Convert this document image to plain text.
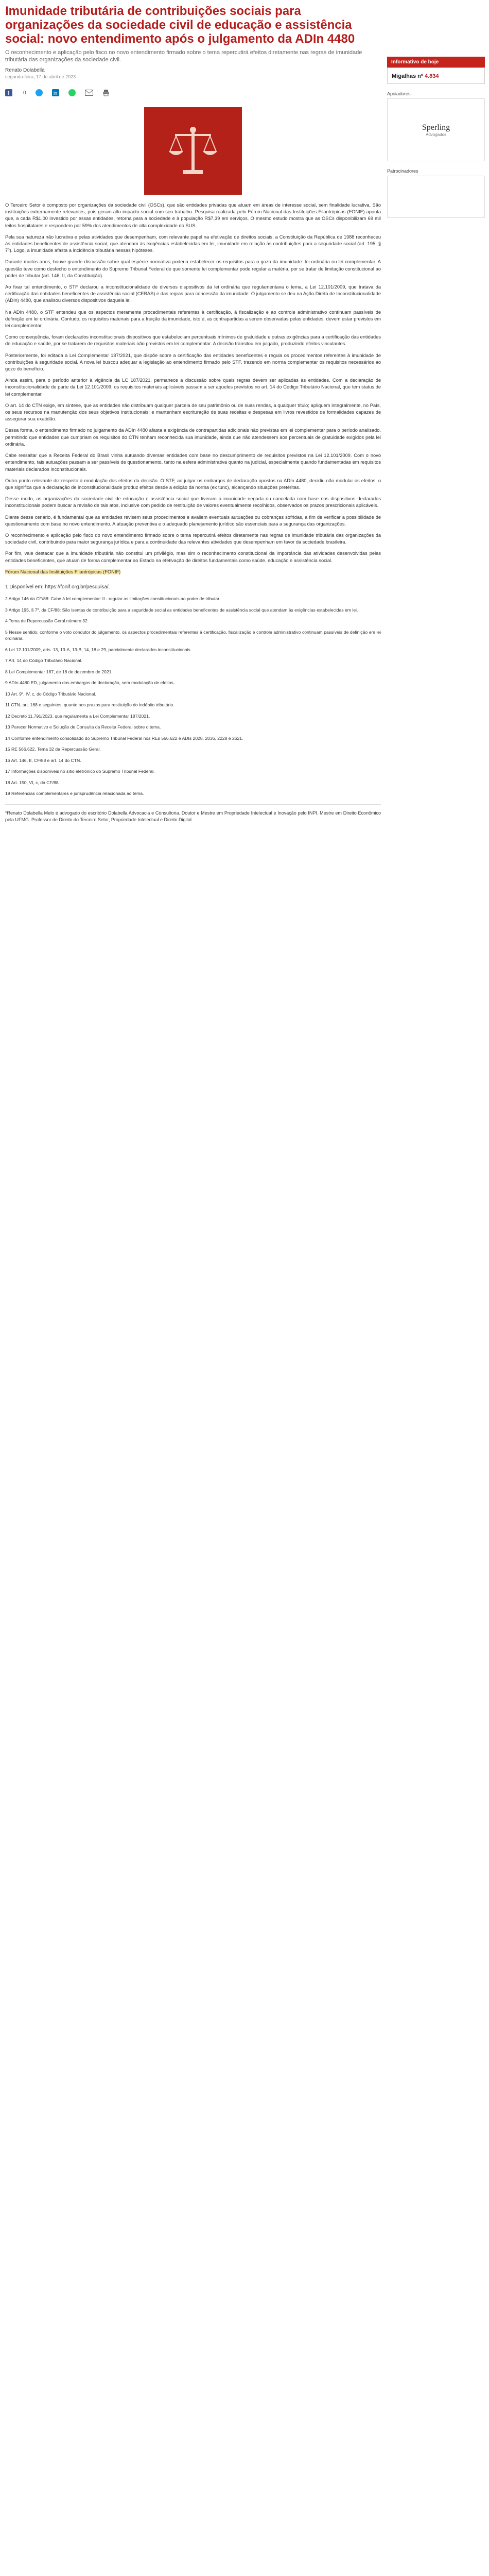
Imunidade tributária de contribuições sociais para organizações da sociedade civil de educação e assistência social: novo entendimento após o julgamento da ADIn 4480
O reconhecimento e aplicação pelo fisco no novo entendimento firmado sobre o tema repercutirá efeitos diretamente nas regras de imunidade tributária das organizações da sociedade civil.
Renato Dolabella
segunda-feira, 17 de abril de 2023
f	0	in

O Terceiro Setor é composto por organizações da sociedade civil (OSCs), que são entidades privadas que atuam em áreas de interesse social, sem finalidade lucrativa. São instituições extremamente relevantes, pois geram alto impacto social com seu trabalho. Pesquisa realizada pelo Fórum Nacional das Instituições Filantrópicas (FONIF) aponta que, a cada R$1,00 investido por essas entidades, retorna para a sociedade e à população R$7,39 em serviços. O mesmo estudo mostra que as OSCs disponibilizam 69 mil leitos hospitalares e respondem por 59% dos atendimentos de alta complexidade do SUS.

Pela sua natureza não lucrativa e pelas atividades que desempenham, com relevante papel na efetivação de direitos sociais, a Constituição da República de 1988 reconheceu às entidades beneficentes de assistência social, que atendam às exigências estabelecidas em lei, imunidade em relação às contribuições para a seguridade social (art. 195, § 7º). Logo, a imunidade afasta a incidência tributária nessas hipóteses.

Durante muitos anos, houve grande discussão sobre qual espécie normativa poderia estabelecer os requisitos para o gozo da imunidade: lei ordinária ou lei complementar. A questão teve como desfecho o entendimento do Supremo Tribunal Federal de que somente lei complementar pode regular a matéria, por se tratar de limitação constitucional ao poder de tributar (art. 146, II, da Constituição).

Ao fixar tal entendimento, o STF declarou a inconstitucionalidade de diversos dispositivos da lei ordinária que regulamentava o tema, a Lei 12.101/2009, que tratava da certificação das entidades beneficentes de assistência social (CEBAS) e das regras para concessão da imunidade. O julgamento se deu na Ação Direta de Inconstitucionalidade (ADIn) 4480, que analisou diversos dispositivos daquela lei.

Na ADIn 4480, o STF entendeu que os aspectos meramente procedimentais referentes à certificação, à fiscalização e ao controle administrativo continuam passíveis de definição em lei ordinária. Contudo, os requisitos materiais para a fruição da imunidade, isto é, as contrapartidas a serem observadas pelas entidades, devem estar previstos em lei complementar.

Como consequência, foram declarados inconstitucionais dispositivos que estabeleciam percentuais mínimos de gratuidade e outras exigências para a certificação das entidades de educação e saúde, por se tratarem de requisitos materiais não previstos em lei complementar. A decisão transitou em julgado, produzindo efeitos vinculantes.

Posteriormente, foi editada a Lei Complementar 187/2021, que dispõe sobre a certificação das entidades beneficentes e regula os procedimentos referentes à imunidade de contribuições à seguridade social. A nova lei buscou adequar a legislação ao entendimento firmado pelo STF, trazendo em norma complementar os requisitos necessários ao gozo do benefício.

Ainda assim, para o período anterior à vigência da LC 187/2021, permanece a discussão sobre quais regras devem ser aplicadas às entidades. Com a declaração de inconstitucionalidade de parte da Lei 12.101/2009, os requisitos materiais aplicáveis passam a ser aqueles previstos no art. 14 do Código Tributário Nacional, que tem status de lei complementar.

O art. 14 do CTN exige, em síntese, que as entidades não distribuam qualquer parcela de seu patrimônio ou de suas rendas, a qualquer título; apliquem integralmente, no País, os seus recursos na manutenção dos seus objetivos institucionais; e mantenham escrituração de suas receitas e despesas em livros revestidos de formalidades capazes de assegurar sua exatidão.

Dessa forma, o entendimento firmado no julgamento da ADIn 4480 afasta a exigência de contrapartidas adicionais não previstas em lei complementar para o período analisado, permitindo que entidades que cumpriam os requisitos do CTN tenham reconhecida sua imunidade, ainda que não atendessem aos percentuais de gratuidade exigidos pela lei ordinária.

Cabe ressaltar que a Receita Federal do Brasil vinha autuando diversas entidades com base no descumprimento de requisitos previstos na Lei 12.101/2009. Com o novo entendimento, tais autuações passam a ser passíveis de questionamento, tanto na esfera administrativa quanto na judicial, especialmente quando fundamentadas em requisitos materiais declarados inconstitucionais.

Outro ponto relevante diz respeito à modulação dos efeitos da decisão. O STF, ao julgar os embargos de declaração opostos na ADIn 4480, decidiu não modular os efeitos, o que significa que a declaração de inconstitucionalidade produz efeitos desde a edição da norma (ex tunc), alcançando situações pretéritas.

Desse modo, as organizações da sociedade civil de educação e assistência social que tiveram a imunidade negada ou cancelada com base nos dispositivos declarados inconstitucionais podem buscar a revisão de tais atos, inclusive com pedido de restituição de valores eventualmente recolhidos, observados os prazos prescricionais aplicáveis.

Diante desse cenário, é fundamental que as entidades revisem seus procedimentos e avaliem eventuais autuações ou cobranças sofridas, a fim de verificar a possibilidade de questionamento com base no novo entendimento. A atuação preventiva e o adequado planejamento jurídico são essenciais para a segurança das organizações.

O reconhecimento e aplicação pelo fisco do novo entendimento firmado sobre o tema repercutirá efeitos diretamente nas regras de imunidade tributária das organizações da sociedade civil, contribuindo para maior segurança jurídica e para a continuidade das relevantes atividades que desempenham em favor da sociedade brasileira.

Por fim, vale destacar que a imunidade tributária não constitui um privilégio, mas sim o reconhecimento constitucional da importância das atividades desenvolvidas pelas entidades beneficentes, que atuam de forma complementar ao Estado na efetivação de direitos fundamentais como saúde, educação e assistência social.

Fórum Nacional das Instituições Filantrópicas (FONIF)

1 Disponível em: https://fonif.org.br/pesquisa/.

2 Artigo 146 da CF/88: Cabe à lei complementar: II - regular as limitações constitucionais ao poder de tributar.

3 Artigo 195, § 7º, da CF/88: São isentas de contribuição para a seguridade social as entidades beneficentes de assistência social que atendam às exigências estabelecidas em lei.

4 Tema de Repercussão Geral número 32.

5 Nesse sentido, conforme o voto condutor do julgamento, os aspectos procedimentais referentes à certificação, fiscalização e controle administrativo continuam passíveis de definição em lei ordinária.

6 Lei 12.101/2009, arts. 13, 13-A, 13-B, 14, 18 e 29, parcialmente declarados inconstitucionais.

7 Art. 14 do Código Tributário Nacional.

8 Lei Complementar 187, de 16 de dezembro de 2021.

9 ADIn 4480 ED, julgamento dos embargos de declaração, sem modulação de efeitos.

10 Art. 9º, IV, c, do Código Tributário Nacional.

11 CTN, art. 168 e seguintes, quanto aos prazos para restituição do indébito tributário.

12 Decreto 11.791/2023, que regulamenta a Lei Complementar 187/2021.

13 Parecer Normativo e Solução de Consulta da Receita Federal sobre o tema.

14 Conforme entendimento consolidado do Supremo Tribunal Federal nos REs 566.622 e ADIs 2028, 2036, 2228 e 2621.

15 RE 566.622, Tema 32 da Repercussão Geral.

16 Art. 146, II, CF/88 e art. 14 do CTN.

17 Informações disponíveis no sítio eletrônico do Supremo Tribunal Federal.

18 Art. 150, VI, c, da CF/88.

19 Referências complementares e jurisprudência relacionada ao tema.

*Renato Dolabella Melo é advogado do escritório Dolabella Advocacia e Consultoria. Doutor e Mestre em Propriedade Intelectual e Inovação pelo INPI. Mestre em Direito Econômico pela UFMG. Professor de Direito do Terceiro Setor, Propriedade Intelectual e Direito Digital.
Informativo de hoje
Migalhas nº 4.834
Apoiadores
Sperling
Advogados
Patrocinadores
